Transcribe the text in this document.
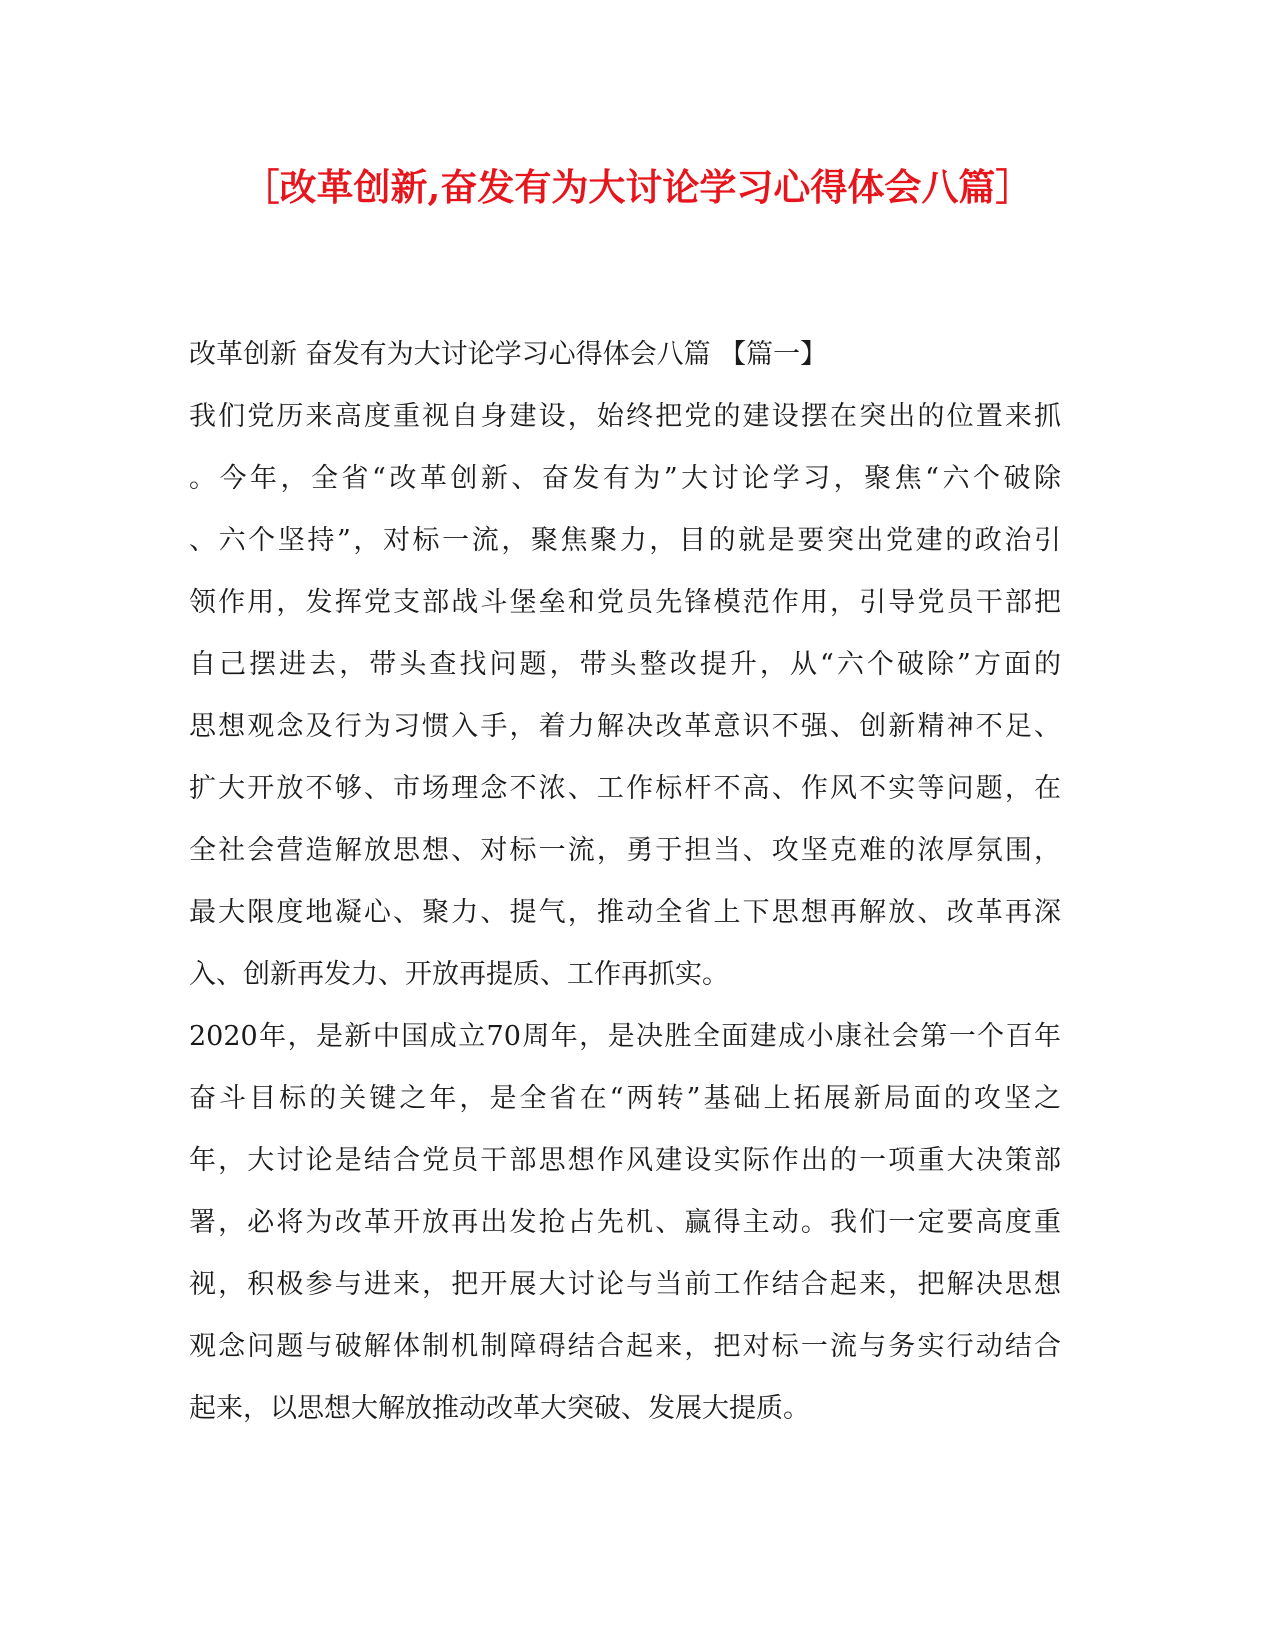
［改革创新,奋发有为大讨论学习心得体会八篇］
改革创新 奋发有为大讨论学习心得体会八篇 【篇一】
我们党历来高度重视自身建设，始终把党的建设摆在突出的位置来抓
。今年，全省“改革创新、奋发有为”大讨论学习，聚焦“六个破除
、六个坚持”，对标一流，聚焦聚力，目的就是要突出党建的政治引
领作用，发挥党支部战斗堡垒和党员先锋模范作用，引导党员干部把
自己摆进去，带头查找问题，带头整改提升，从“六个破除”方面的
思想观念及行为习惯入手，着力解决改革意识不强、创新精神不足、
扩大开放不够、市场理念不浓、工作标杆不高、作风不实等问题，在
全社会营造解放思想、对标一流，勇于担当、攻坚克难的浓厚氛围，
最大限度地凝心、聚力、提气，推动全省上下思想再解放、改革再深
入、创新再发力、开放再提质、工作再抓实。
2020年，是新中国成立70周年，是决胜全面建成小康社会第一个百年
奋斗目标的关键之年，是全省在“两转”基础上拓展新局面的攻坚之
年，大讨论是结合党员干部思想作风建设实际作出的一项重大决策部
署，必将为改革开放再出发抢占先机、赢得主动。我们一定要高度重
视，积极参与进来，把开展大讨论与当前工作结合起来，把解决思想
观念问题与破解体制机制障碍结合起来，把对标一流与务实行动结合
起来，以思想大解放推动改革大突破、发展大提质。
